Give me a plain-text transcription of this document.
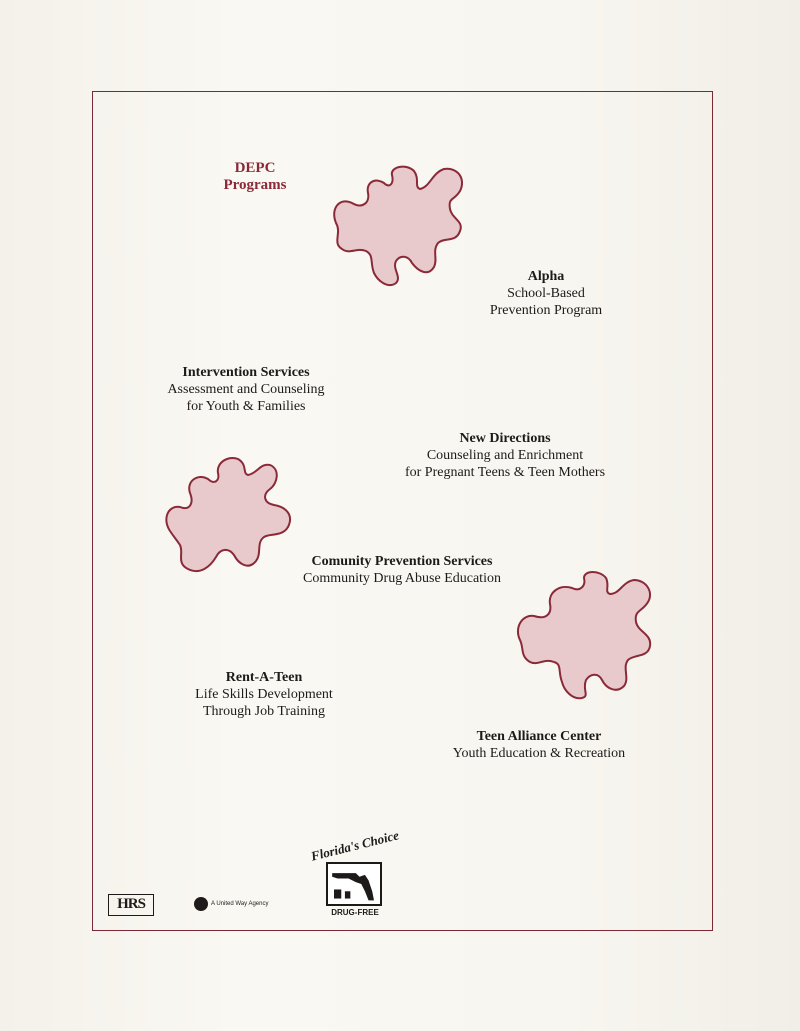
DEPC
Programs
Alpha
School-Based
Prevention Program
Intervention Services
Assessment and Counseling
for Youth & Families
New Directions
Counseling and Enrichment
for Pregnant Teens & Teen Mothers
Comunity Prevention Services
Community Drug Abuse Education
Rent-A-Teen
Life Skills Development
Through Job Training
Teen Alliance Center
Youth Education & Recreation
HRS	A United Way Agency
Florida's Choice
DRUG-FREE
